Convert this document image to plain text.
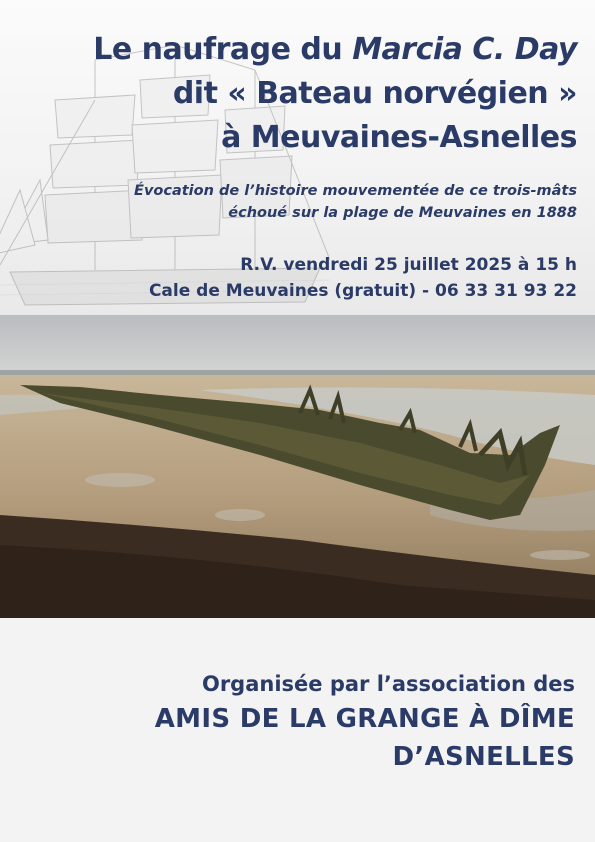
Le naufrage du Marcia C. Day
dit « Bateau norvégien »
à Meuvaines-Asnelles
Évocation de l’histoire mouvementée de ce trois-mâts
échoué sur la plage de Meuvaines en 1888
R.V. vendredi 25 juillet 2025 à 15 h
Cale de Meuvaines (gratuit) - 06 33 31 93 22
Organisée par l’association des
AMIS DE LA GRANGE À DÎME
D’ASNELLES
